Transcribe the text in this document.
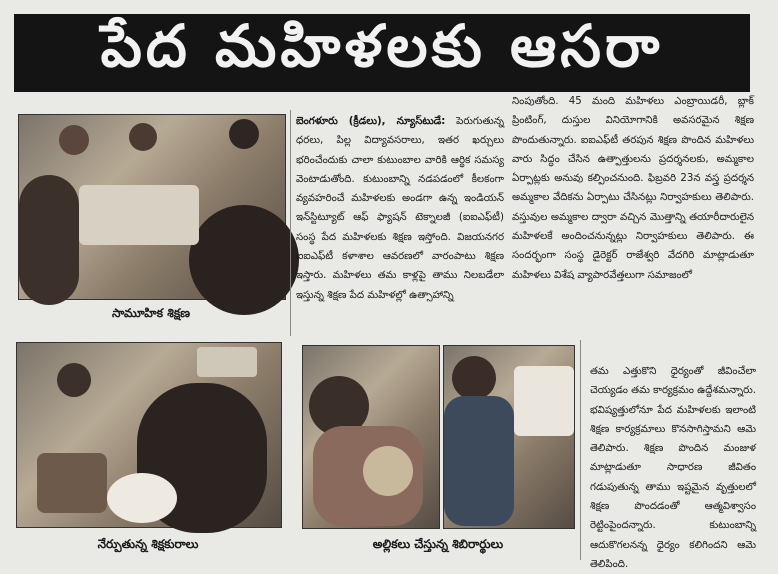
పేద మహిళలకు ఆసరా
సామూహిక శిక్షణ
నేర్పుతున్న శిక్షకురాలు	అల్లికలు చేస్తున్న శిబిరార్థులు

బెంగళూరు (క్రీడలు), న్యూస్‌టుడే: పెరుగుతున్న ధరలు, పిల్ల విద్యావసరాలు, ఇతర ఖర్చులు భరించేందుకు చాలా కుటుంబాల వారికి ఆర్థిక సమస్య వెంటాడుతోంది. కుటుంబాన్ని నడపడంలో కీలకంగా వ్యవహరించే మహిళలకు అండగా ఉన్న ఇండియన్ ఇన్‌స్టిట్యూట్ ఆఫ్ ఫ్యాషన్ టెక్నాలజీ (ఐఐఎఫ్‌టీ) సంస్థ పేద మహిళలకు శిక్షణ ఇస్తోంది. విజయనగర ఐఐఎఫ్‌టీ కళాశాల ఆవరణలో వారంపాటు శిక్షణ ఇస్తారు. మహిళలు తమ కాళ్లపై తాము నిలబడేలా ఇస్తున్న శిక్షణ పేద మహిళల్లో ఉత్సాహాన్ని

నింపుతోంది. 45 మంది మహిళలు ఎంబ్రాయిడరీ, బ్లాక్ ప్రింటింగ్, దుస్తుల వినియోగానికి అవసరమైన శిక్షణ పొందుతున్నారు. ఐఐఎఫ్‌టీ తరపున శిక్షణ పొందిన మహిళలు వారు సిద్ధం చేసిన ఉత్పాత్తులను ప్రదర్శనలకు, అమ్మకాల ఏర్పాట్లకు అనువు కల్పించనుంది. ఫిబ్రవరి 23న వస్త్ర ప్రదర్శన అమ్మకాల వేదికను ఏర్పాటు చేసినట్లు నిర్వాహకులు తెలిపారు. వస్తువుల అమ్మకాల ద్వారా వచ్చిన మొత్తాన్ని తయారీదారులైన మహిళలకే అందించనున్నట్లు నిర్వాహకులు తెలిపారు. ఈ సందర్భంగా సంస్థ డైరెక్టర్ రాజేశ్వరి వేదగిరి మాట్లాడుతూ మహిళలు విశేష వ్యాపారవేత్తలుగా సమాజంలో

తమ ఎత్తుకొని ధైర్యంతో జీవించేలా చెయ్యడం తమ కార్యక్రమం ఉద్దేశమన్నారు. భవిష్యత్తులోనూ పేద మహిళలకు ఇలాంటి శిక్షణ కార్యక్రమాలు కొనసాగిస్తామని ఆమె తెలిపారు. శిక్షణ పొందిన మంజుళ మాట్లాడుతూ సాధారణ జీవితం గడుపుతున్న తాము ఇష్టమైన వృత్తులలో శిక్షణ పొందడంతో ఆత్మవిశ్వాసం రెట్టింపైందన్నారు. కుటుంబాన్ని ఆదుకొగలనన్న ధైర్యం కలిగిందని ఆమె తెలిపింది.
